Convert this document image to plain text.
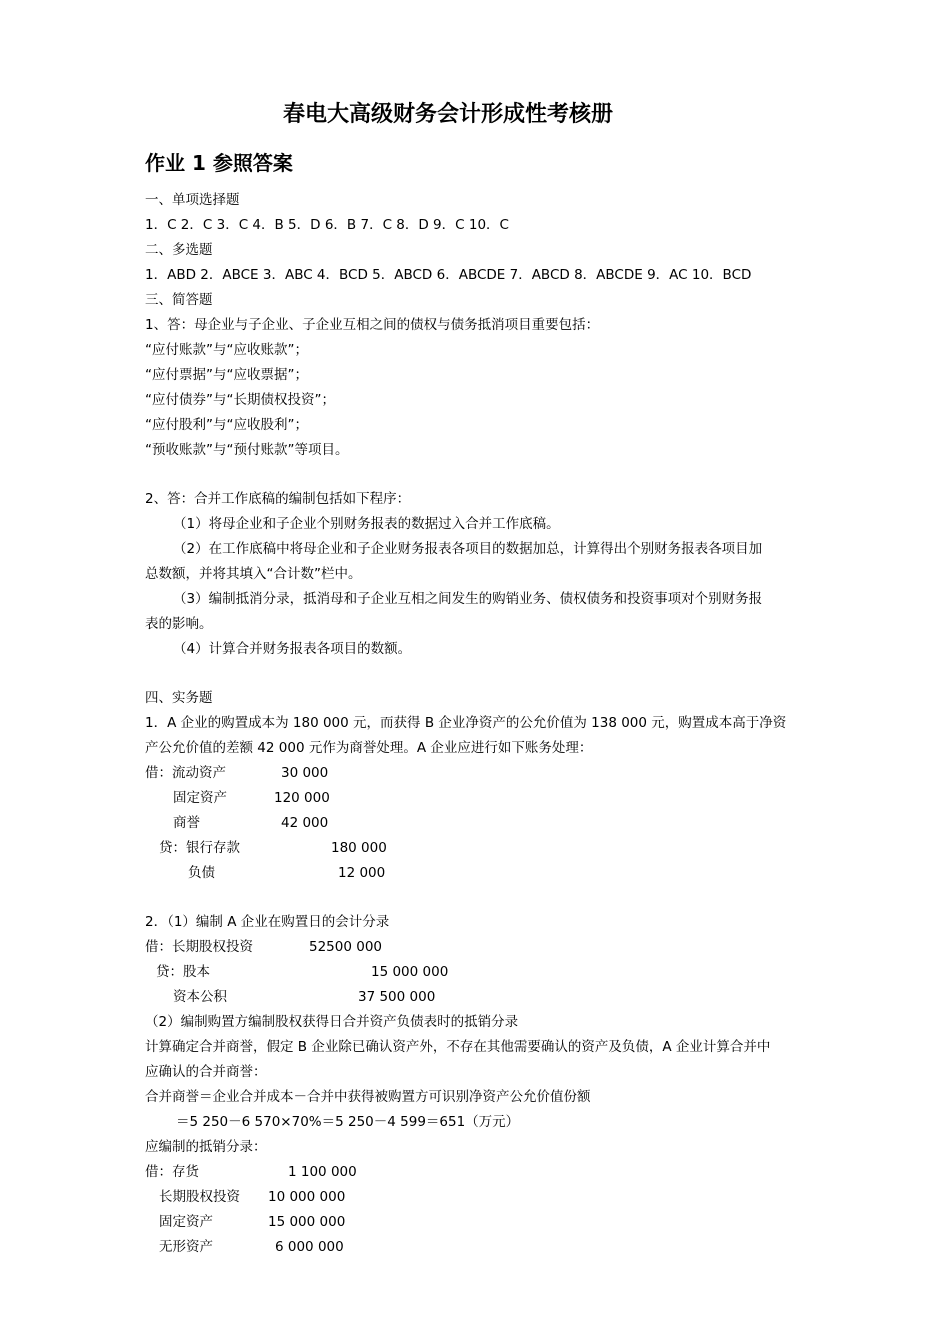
春电大高级财务会计形成性考核册
作业 1 参照答案
一、单项选择题
1．C 2．C 3．C 4．B 5．D 6．B 7．C 8．D 9．C 10．C
二、多选题
1．ABD 2．ABCE 3．ABC 4．BCD 5．ABCD 6．ABCDE 7．ABCD 8．ABCDE 9．AC 10．BCD
三、简答题
1、答：母企业与子企业、子企业互相之间的债权与债务抵消项目重要包括：
“应付账款”与“应收账款”；
“应付票据”与“应收票据”；
“应付债券”与“长期债权投资”；
“应付股利”与“应收股利”；
“预收账款”与“预付账款”等项目。
2、答：合并工作底稿的编制包括如下程序：
（1）将母企业和子企业个别财务报表的数据过入合并工作底稿。
（2）在工作底稿中将母企业和子企业财务报表各项目的数据加总，计算得出个别财务报表各项目加
总数额，并将其填入“合计数”栏中。
（3）编制抵消分录，抵消母和子企业互相之间发生的购销业务、债权债务和投资事项对个别财务报
表的影响。
（4）计算合并财务报表各项目的数额。
四、实务题
1．A 企业的购置成本为 180 000 元，而获得 B 企业净资产的公允价值为 138 000 元，购置成本高于净资
产公允价值的差额 42 000 元作为商誉处理。A 企业应进行如下账务处理：
借：流动资产	30 000
固定资产	120 000
商誉	42 000
贷：银行存款	180 000
负债	12 000
2．（1）编制 A 企业在购置日的会计分录
借：长期股权投资	52500 000
贷：股本	15 000 000
资本公积	37 500 000
（2）编制购置方编制股权获得日合并资产负债表时的抵销分录
计算确定合并商誉，假定 B 企业除已确认资产外，不存在其他需要确认的资产及负债，A 企业计算合并中
应确认的合并商誉：
合并商誉＝企业合并成本－合并中获得被购置方可识别净资产公允价值份额
＝5 250－6 570×70%＝5 250－4 599＝651（万元）
应编制的抵销分录：
借：存货	1 100 000
长期股权投资 10 000 000
固定资产	15 000 000
无形资产	6 000 000
